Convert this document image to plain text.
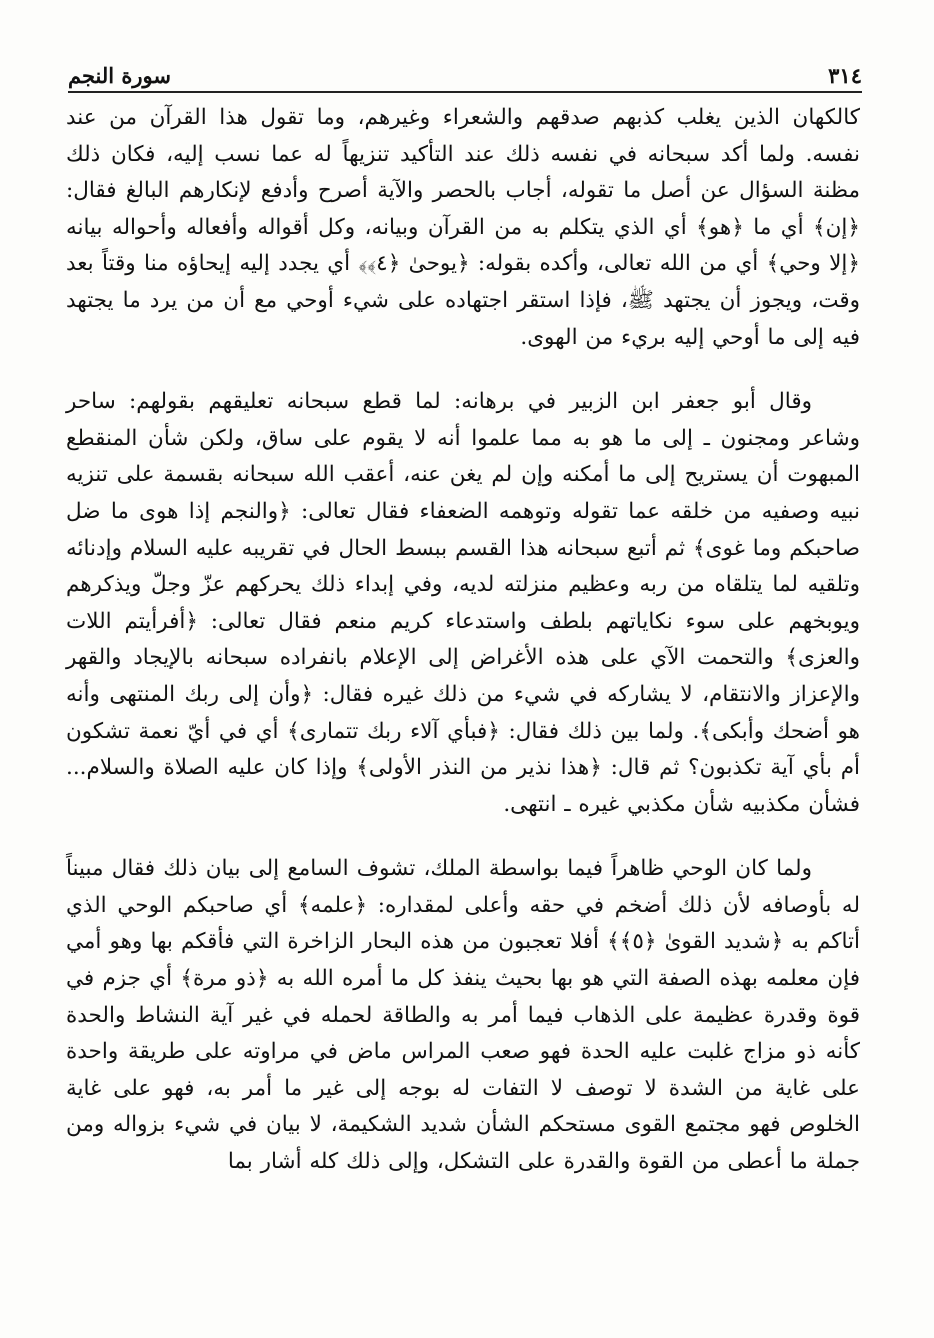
٣١٤
سورة النجم

كالكهان الذين يغلب كذبهم صدقهم والشعراء وغيرهم، وما تقول هذا القرآن من عند نفسه. ولما أكد سبحانه في نفسه ذلك عند التأكيد تنزيهاً له عما نسب إليه، فكان ذلك مظنة السؤال عن أصل ما تقوله، أجاب بالحصر والآية أصرح وأدفع لإنكارهم البالغ فقال: ﴿إن﴾ أي ما ﴿هو﴾ أي الذي يتكلم به من القرآن وبيانه، وكل أقواله وأفعاله وأحواله بيانه ﴿إلا وحي﴾ أي من الله تعالى، وأكده بقوله: ﴿يوحىٰ ﴿٤﴾﴾ أي يجدد إليه إيحاؤه منا وقتاً بعد وقت، ويجوز أن يجتهد ﷺ، فإذا استقر اجتهاده على شيء أوحي مع أن من يرد ما يجتهد فيه إلى ما أوحي إليه بريء من الهوى.

وقال أبو جعفر ابن الزبير في برهانه: لما قطع سبحانه تعليقهم بقولهم: ساحر وشاعر ومجنون ـ إلى ما هو به مما علموا أنه لا يقوم على ساق، ولكن شأن المنقطع المبهوت أن يستريح إلى ما أمكنه وإن لم يغن عنه، أعقب الله سبحانه بقسمة على تنزيه نبيه وصفيه من خلقه عما تقوله وتوهمه الضعفاء فقال تعالى: ﴿والنجم إذا هوى ما ضل صاحبكم وما غوى﴾ ثم أتبع سبحانه هذا القسم ببسط الحال في تقريبه عليه السلام وإدنائه وتلقيه لما يتلقاه من ربه وعظيم منزلته لديه، وفي إبداء ذلك يحركهم عزّ وجلّ ويذكرهم ويوبخهم على سوء نكاياتهم بلطف واستدعاء كريم منعم فقال تعالى: ﴿أفرأيتم اللات والعزى﴾ والتحمت الآي على هذه الأغراض إلى الإعلام بانفراده سبحانه بالإيجاد والقهر والإعزاز والانتقام، لا يشاركه في شيء من ذلك غيره فقال: ﴿وأن إلى ربك المنتهى وأنه هو أضحك وأبكى﴾. ولما بين ذلك فقال: ﴿فبأي آلاء ربك تتمارى﴾ أي في أيّ نعمة تشكون أم بأي آية تكذبون؟ ثم قال: ﴿هذا نذير من النذر الأولى﴾ وإذا كان عليه الصلاة والسلام... فشأن مكذبيه شأن مكذبي غيره ـ انتهى.

ولما كان الوحي ظاهراً فيما بواسطة الملك، تشوف السامع إلى بيان ذلك فقال مبيناً له بأوصافه لأن ذلك أضخم في حقه وأعلى لمقداره: ﴿علمه﴾ أي صاحبكم الوحي الذي أتاكم به ﴿شديد القوىٰ ﴿٥﴾﴾ أفلا تعجبون من هذه البحار الزاخرة التي فأقكم بها وهو أمي فإن معلمه بهذه الصفة التي هو بها بحيث ينفذ كل ما أمره الله به ﴿ذو مرة﴾ أي جزم في قوة وقدرة عظيمة على الذهاب فيما أمر به والطاقة لحمله في غير آية النشاط والحدة كأنه ذو مزاج غلبت عليه الحدة فهو صعب المراس ماض في مراوته على طريقة واحدة على غاية من الشدة لا توصف لا التفات له بوجه إلى غير ما أمر به، فهو على غاية الخلوص فهو مجتمع القوى مستحكم الشأن شديد الشكيمة، لا بيان في شيء بزواله ومن جملة ما أعطى من القوة والقدرة على التشكل، وإلى ذلك كله أشار بما
